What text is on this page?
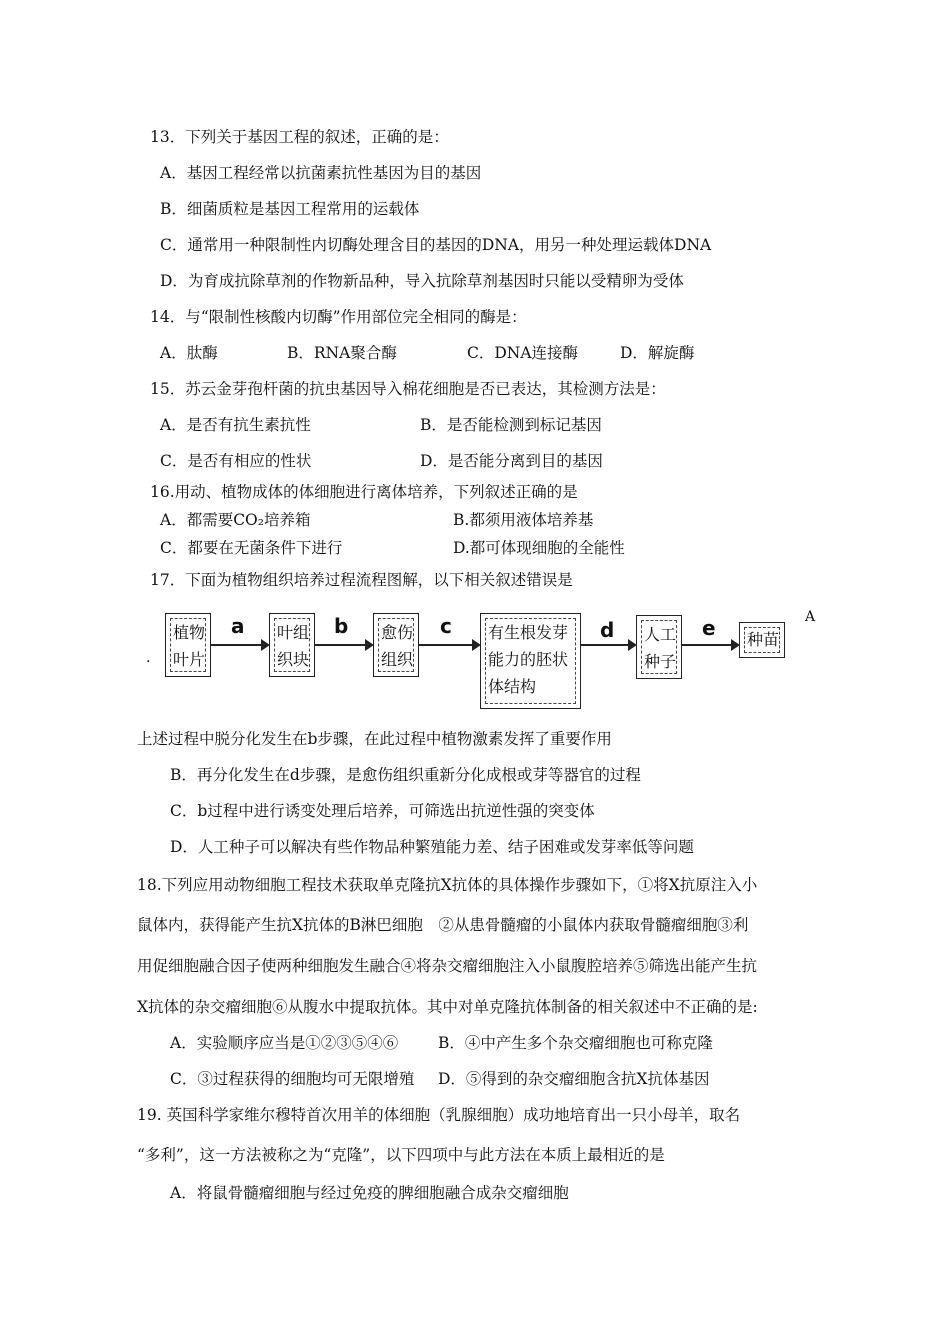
13．下列关于基因工程的叙述，正确的是：
A．基因工程经常以抗菌素抗性基因为目的基因
B．细菌质粒是基因工程常用的运载体
C．通常用一种限制性内切酶处理含目的基因的DNA，用另一种处理运载体DNA
D．为育成抗除草剂的作物新品种，导入抗除草剂基因时只能以受精卵为受体
14．与“限制性核酸内切酶”作用部位完全相同的酶是：
A．肽酶	B．RNA聚合酶	C．DNA连接酶	D．解旋酶
15．苏云金芽孢杆菌的抗虫基因导入棉花细胞是否已表达，其检测方法是：
A．是否有抗生素抗性	B．是否能检测到标记基因
C．是否有相应的性状	D．是否能分离到目的基因
16.用动、植物成体的体细胞进行离体培养，下列叙述正确的是
A．都需要CO₂培养箱	B.都须用液体培养基
C．都要在无菌条件下进行	D.都可体现细胞的全能性
17．下面为植物组织培养过程流程图解，以下相关叙述错误是
植物
叶片
a 叶组
织块
b 愈伤
组织
c 有生根发芽
能力的胚状
体结构
d 人工
种子
e 种苗
A
.
上述过程中脱分化发生在b步骤，在此过程中植物激素发挥了重要作用
B．再分化发生在d步骤，是愈伤组织重新分化成根或芽等器官的过程
C．b过程中进行诱变处理后培养，可筛选出抗逆性强的突变体
D．人工种子可以解决有些作物品种繁殖能力差、结子困难或发芽率低等问题
18.下列应用动物细胞工程技术获取单克隆抗X抗体的具体操作步骤如下，①将X抗原注入小
鼠体内，获得能产生抗X抗体的B淋巴细胞　②从患骨髓瘤的小鼠体内获取骨髓瘤细胞③利
用促细胞融合因子使两种细胞发生融合④将杂交瘤细胞注入小鼠腹腔培养⑤筛选出能产生抗
X抗体的杂交瘤细胞⑥从腹水中提取抗体。其中对单克隆抗体制备的相关叙述中不正确的是:
A．实验顺序应当是①②③⑤④⑥	B．④中产生多个杂交瘤细胞也可称克隆
C．③过程获得的细胞均可无限增殖 D．⑤得到的杂交瘤细胞含抗X抗体基因
19. 英国科学家维尔穆特首次用羊的体细胞（乳腺细胞）成功地培育出一只小母羊，取名
“多利”，这一方法被称之为“克隆”，以下四项中与此方法在本质上最相近的是
A．将鼠骨髓瘤细胞与经过免疫的脾细胞融合成杂交瘤细胞
